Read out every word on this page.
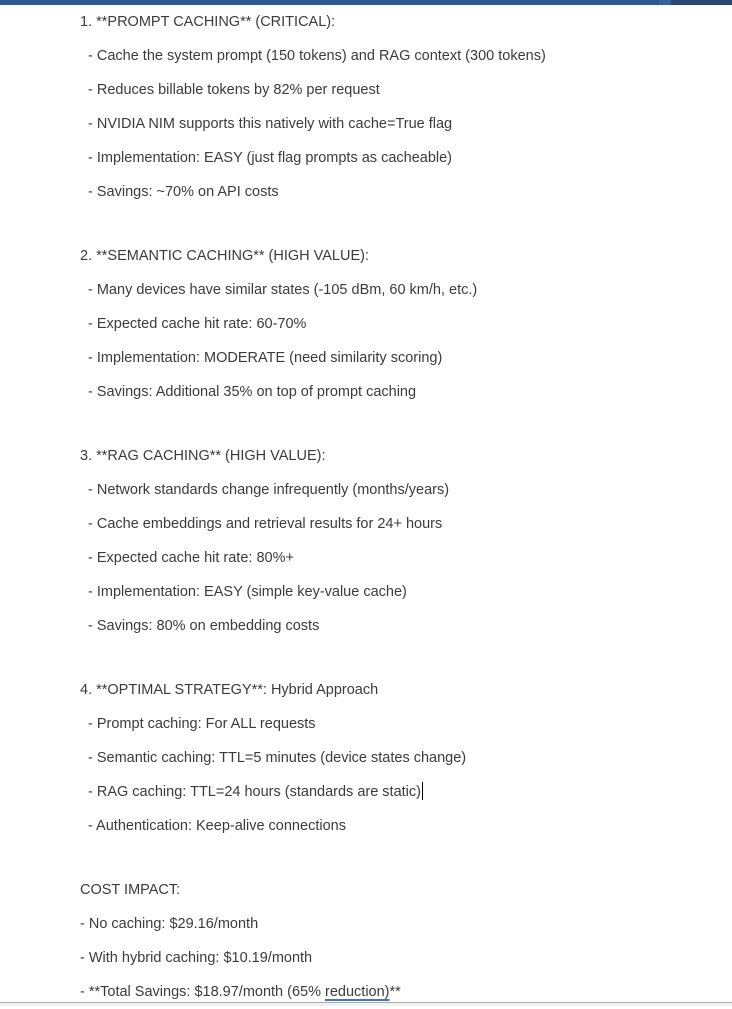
1. **PROMPT CACHING** (CRITICAL):

- Cache the system prompt (150 tokens) and RAG context (300 tokens)

- Reduces billable tokens by 82% per request

- NVIDIA NIM supports this natively with cache=True flag

- Implementation: EASY (just flag prompts as cacheable)

- Savings: ~70% on API costs

2. **SEMANTIC CACHING** (HIGH VALUE):

- Many devices have similar states (-105 dBm, 60 km/h, etc.)

- Expected cache hit rate: 60-70%

- Implementation: MODERATE (need similarity scoring)

- Savings: Additional 35% on top of prompt caching

3. **RAG CACHING** (HIGH VALUE):

- Network standards change infrequently (months/years)

- Cache embeddings and retrieval results for 24+ hours

- Expected cache hit rate: 80%+

- Implementation: EASY (simple key-value cache)

- Savings: 80% on embedding costs

4. **OPTIMAL STRATEGY**: Hybrid Approach

- Prompt caching: For ALL requests

- Semantic caching: TTL=5 minutes (device states change)

- RAG caching: TTL=24 hours (standards are static)

- Authentication: Keep-alive connections

COST IMPACT:

- No caching: $29.16/month

- With hybrid caching: $10.19/month

- **Total Savings: $18.97/month (65% reduction)**
